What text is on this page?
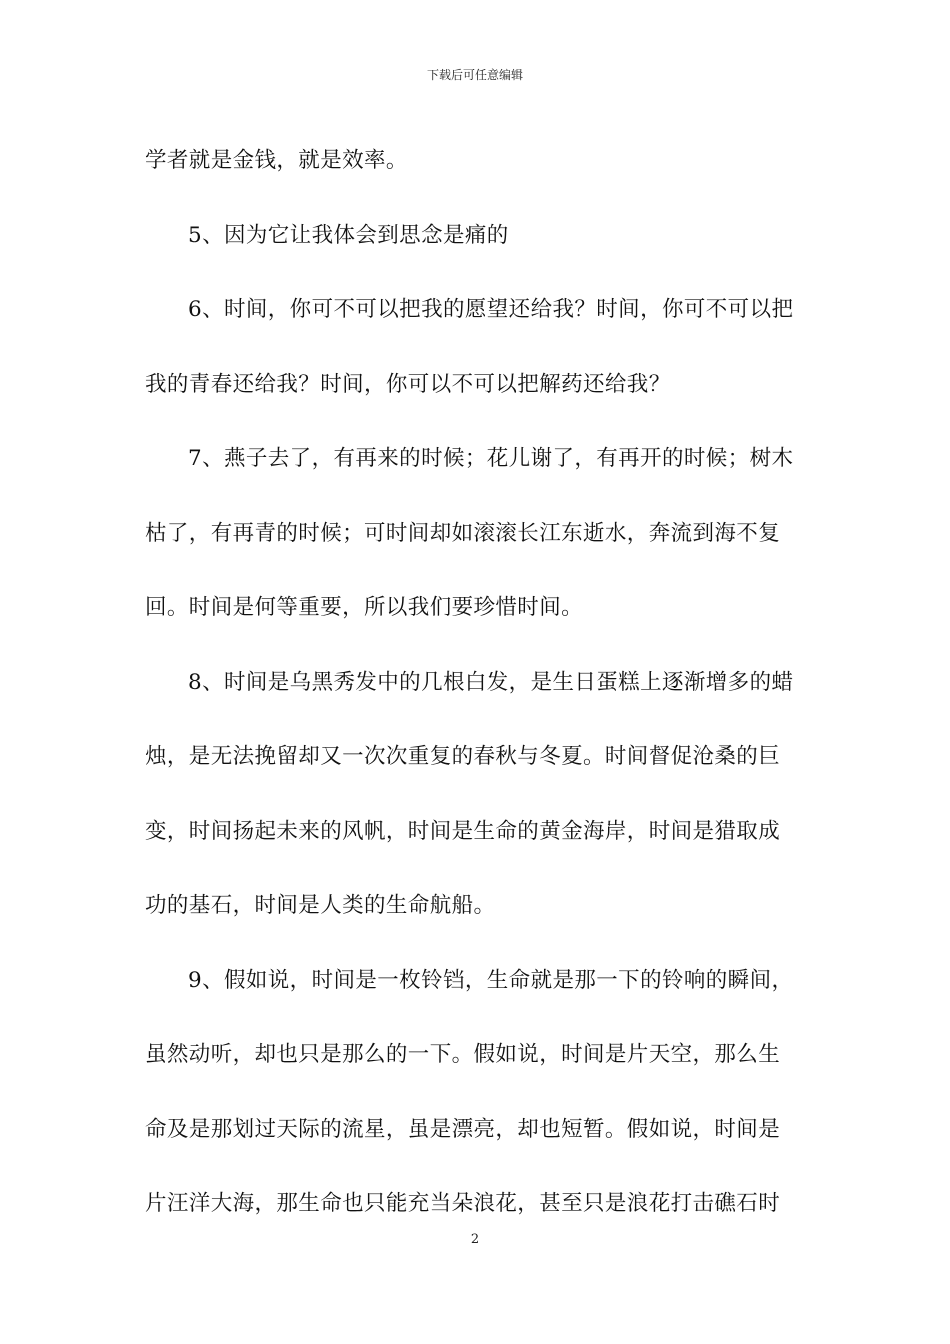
下载后可任意编辑
学者就是金钱，就是效率。
5、因为它让我体会到思念是痛的
6、时间，你可不可以把我的愿望还给我？时间，你可不可以把
我的青春还给我？时间，你可以不可以把解药还给我？
7、燕子去了，有再来的时候；花儿谢了，有再开的时候；树木
枯了，有再青的时候；可时间却如滚滚长江东逝水，奔流到海不复
回。时间是何等重要，所以我们要珍惜时间。
8、时间是乌黑秀发中的几根白发，是生日蛋糕上逐渐增多的蜡
烛，是无法挽留却又一次次重复的春秋与冬夏。时间督促沧桑的巨
变，时间扬起未来的风帆，时间是生命的黄金海岸，时间是猎取成
功的基石，时间是人类的生命航船。
9、假如说，时间是一枚铃铛，生命就是那一下的铃响的瞬间，
虽然动听，却也只是那么的一下。假如说，时间是片天空，那么生
命及是那划过天际的流星，虽是漂亮，却也短暂。假如说，时间是
片汪洋大海，那生命也只能充当朵浪花，甚至只是浪花打击礁石时
2
